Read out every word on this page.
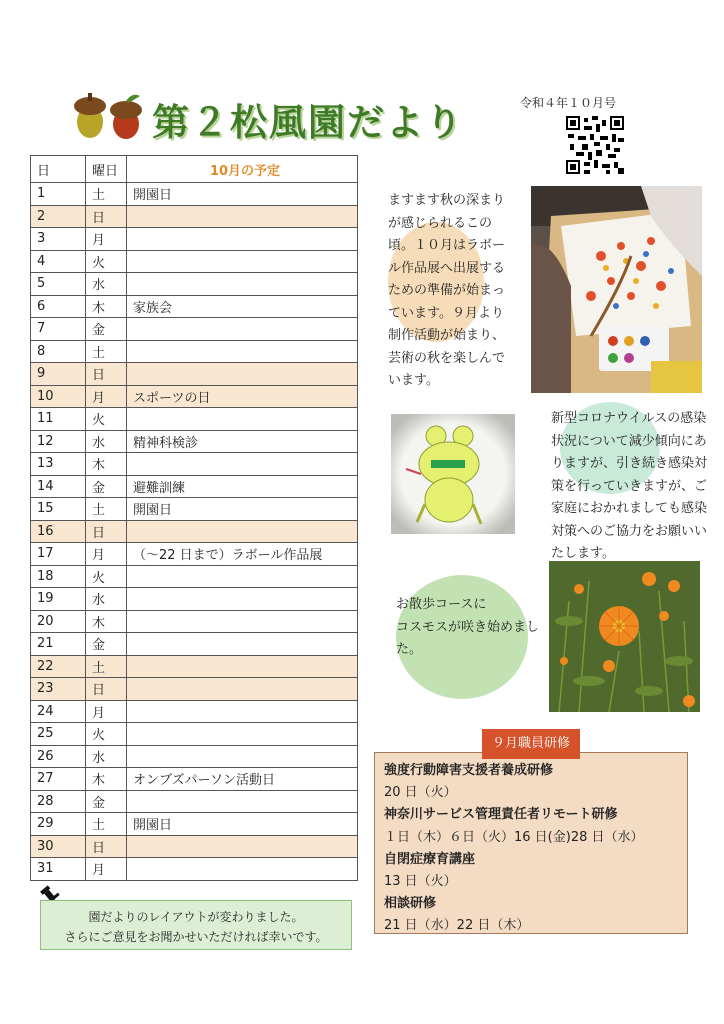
第２松風園だより	令和４年１０月号
日	曜日	10月の予定
1	土	開園日
2	日	
3	月	
4	火	
5	水	
6	木	家族会
7	金	
8	土	
9	日	
10	月	スポーツの日
11	火	
12	水	精神科検診
13	木	
14	金	避難訓練
15	土	開園日
16	日	
17	月	（～22 日まで）ラボール作品展
18	火	
19	水	
20	木	
21	金	
22	土	
23	日	
24	月	
25	火	
26	水	
27	木	オンブズパーソン活動日
28	金	
29	土	開園日
30	日	
31	月	
園だよりのレイアウトが変わりました。
さらにご意見をお聞かせいただければ幸いです。
ますます秋の深まり
が感じられるこの
頃。１０月はラボー
ル作品展へ出展する
ための準備が始まっ
ています。９月より
制作活動が始まり、
芸術の秋を楽しんで
います。
新型コロナウイルスの感染
状況について減少傾向にあ
りますが、引き続き感染対
策を行っていきますが、ご
家庭におかれましても感染
対策へのご協力をお願いい
たします。
お散歩コースに
コスモスが咲き始めまし
た。
９月職員研修
強度行動障害支援者養成研修
20 日（火）
神奈川サービス管理責任者リモート研修
１日（木）６日（火）16 日(金)28 日（水）
自閉症療育講座
13 日（火）
相談研修
21 日（水）22 日（木）
